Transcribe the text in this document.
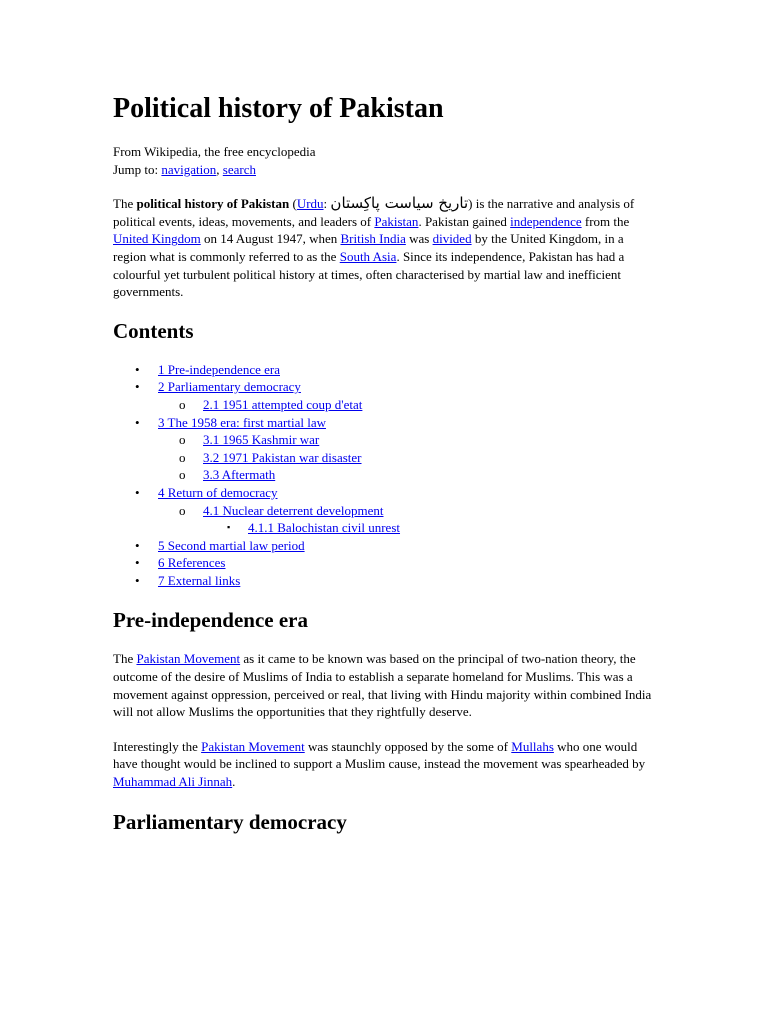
Political history of Pakistan

From Wikipedia, the free encyclopedia

Jump to: navigation, search

The political history of Pakistan (Urdu: تاریخ سیاست پاکِستان) is the narrative and analysis of political events, ideas, movements, and leaders of Pakistan. Pakistan gained independence from the United Kingdom on 14 August 1947, when British India was divided by the United Kingdom, in a region what is commonly referred to as the South Asia. Since its independence, Pakistan has had a colourful yet turbulent political history at times, often characterised by martial law and inefficient governments.

Contents
• 1 Pre-independence era
• 2 Parliamentary democracy
o 2.1 1951 attempted coup d'etat
• 3 The 1958 era: first martial law
o 3.1 1965 Kashmir war
o 3.2 1971 Pakistan war disaster
o 3.3 Aftermath
• 4 Return of democracy
o 4.1 Nuclear deterrent development
▪ 4.1.1 Balochistan civil unrest
• 5 Second martial law period
• 6 References
• 7 External links
Pre-independence era

The Pakistan Movement as it came to be known was based on the principal of two-nation theory, the outcome of the desire of Muslims of India to establish a separate homeland for Muslims. This was a movement against oppression, perceived or real, that living with Hindu majority within combined India will not allow Muslims the opportunities that they rightfully deserve.

Interestingly the Pakistan Movement was staunchly opposed by the some of Mullahs who one would have thought would be inclined to support a Muslim cause, instead the movement was spearheaded by Muhammad Ali Jinnah.

Parliamentary democracy
